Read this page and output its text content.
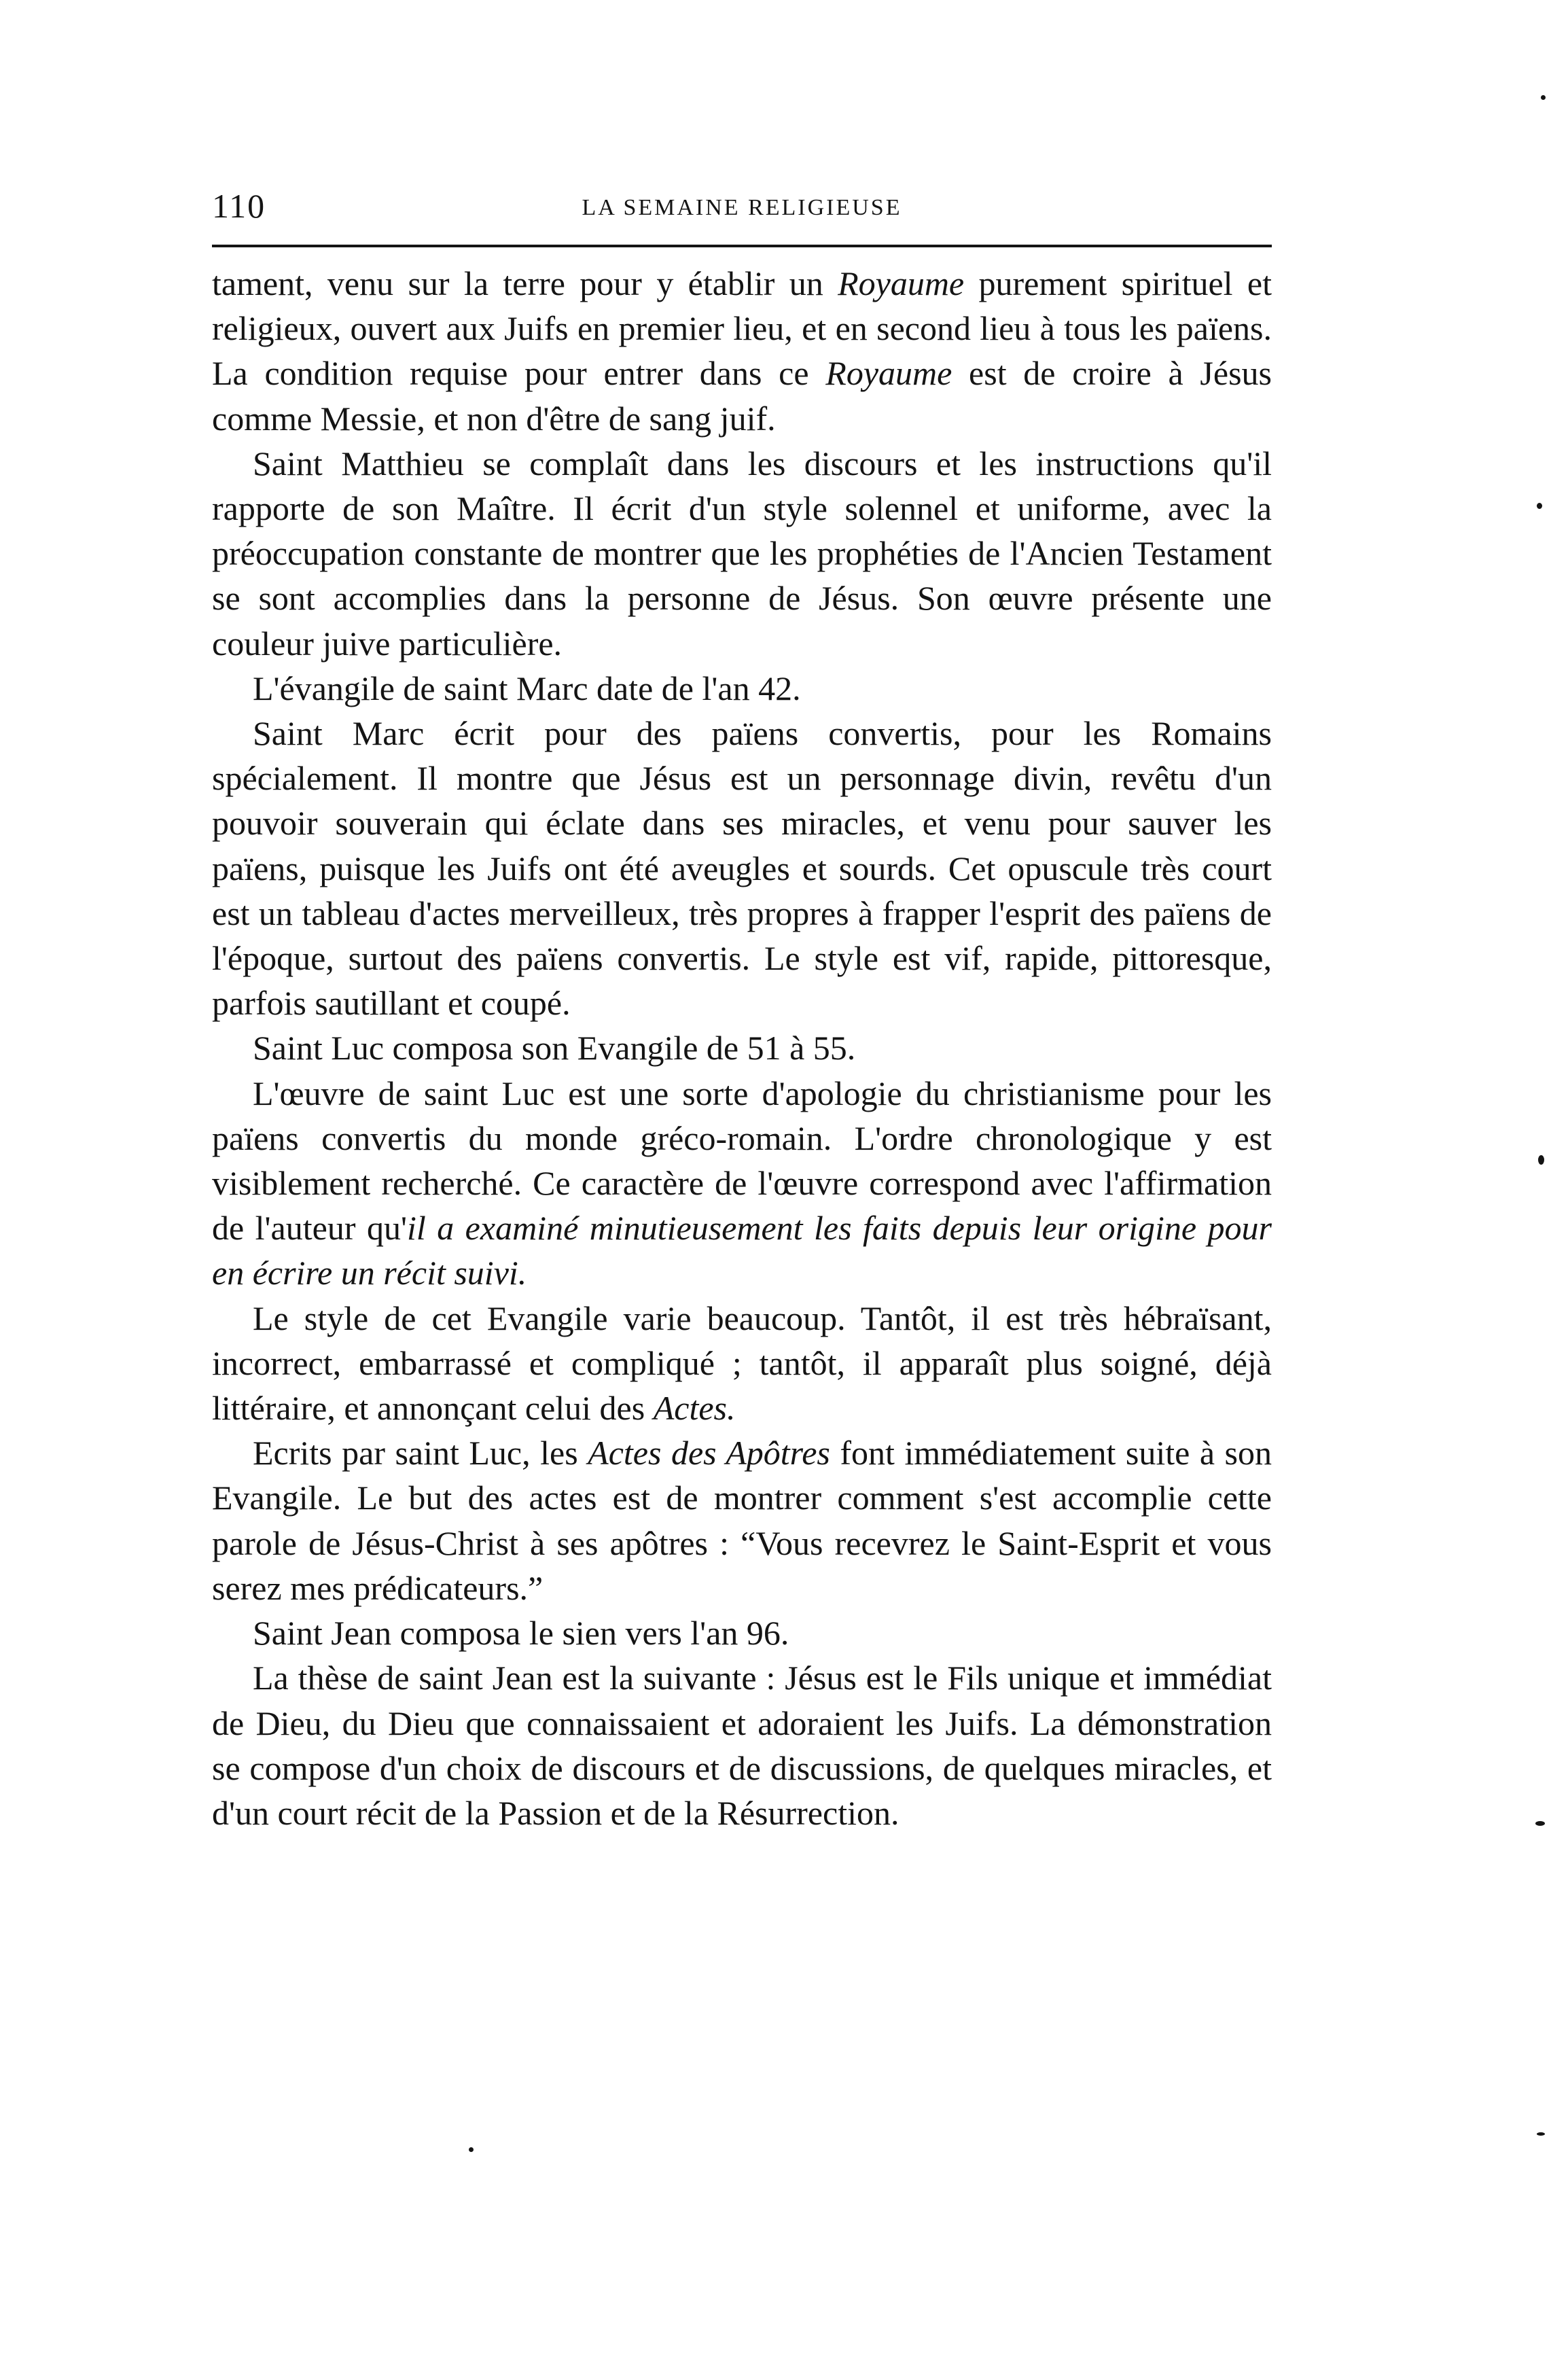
110	LA SEMAINE RELIGIEUSE

tament, venu sur la terre pour y établir un Royaume purement spirituel et religieux, ouvert aux Juifs en premier lieu, et en second lieu à tous les païens. La condition requise pour entrer dans ce Royaume est de croire à Jésus comme Messie, et non d'être de sang juif.

Saint Matthieu se complaît dans les discours et les instructions qu'il rapporte de son Maître. Il écrit d'un style solennel et uniforme, avec la préoccupation constante de montrer que les prophéties de l'Ancien Testament se sont accomplies dans la personne de Jésus. Son œuvre présente une couleur juive particulière.

L'évangile de saint Marc date de l'an 42.

Saint Marc écrit pour des païens convertis, pour les Romains spécialement. Il montre que Jésus est un personnage divin, revêtu d'un pouvoir souverain qui éclate dans ses miracles, et venu pour sauver les païens, puisque les Juifs ont été aveugles et sourds. Cet opuscule très court est un tableau d'actes merveilleux, très propres à frapper l'esprit des païens de l'époque, surtout des païens convertis. Le style est vif, rapide, pittoresque, parfois sautillant et coupé.

Saint Luc composa son Evangile de 51 à 55.

L'œuvre de saint Luc est une sorte d'apologie du christianisme pour les païens convertis du monde gréco-romain. L'ordre chronologique y est visiblement recherché. Ce caractère de l'œuvre correspond avec l'affirmation de l'auteur qu'il a examiné minutieusement les faits depuis leur origine pour en écrire un récit suivi.

Le style de cet Evangile varie beaucoup. Tantôt, il est très hébraïsant, incorrect, embarrassé et compliqué ; tantôt, il apparaît plus soigné, déjà littéraire, et annonçant celui des Actes.

Ecrits par saint Luc, les Actes des Apôtres font immédiatement suite à son Evangile. Le but des actes est de montrer comment s'est accomplie cette parole de Jésus-Christ à ses apôtres : “Vous recevrez le Saint-Esprit et vous serez mes prédicateurs.”

Saint Jean composa le sien vers l'an 96.

La thèse de saint Jean est la suivante : Jésus est le Fils unique et immédiat de Dieu, du Dieu que connaissaient et adoraient les Juifs. La démonstration se compose d'un choix de discours et de discussions, de quelques miracles, et d'un court récit de la Passion et de la Résurrection.
